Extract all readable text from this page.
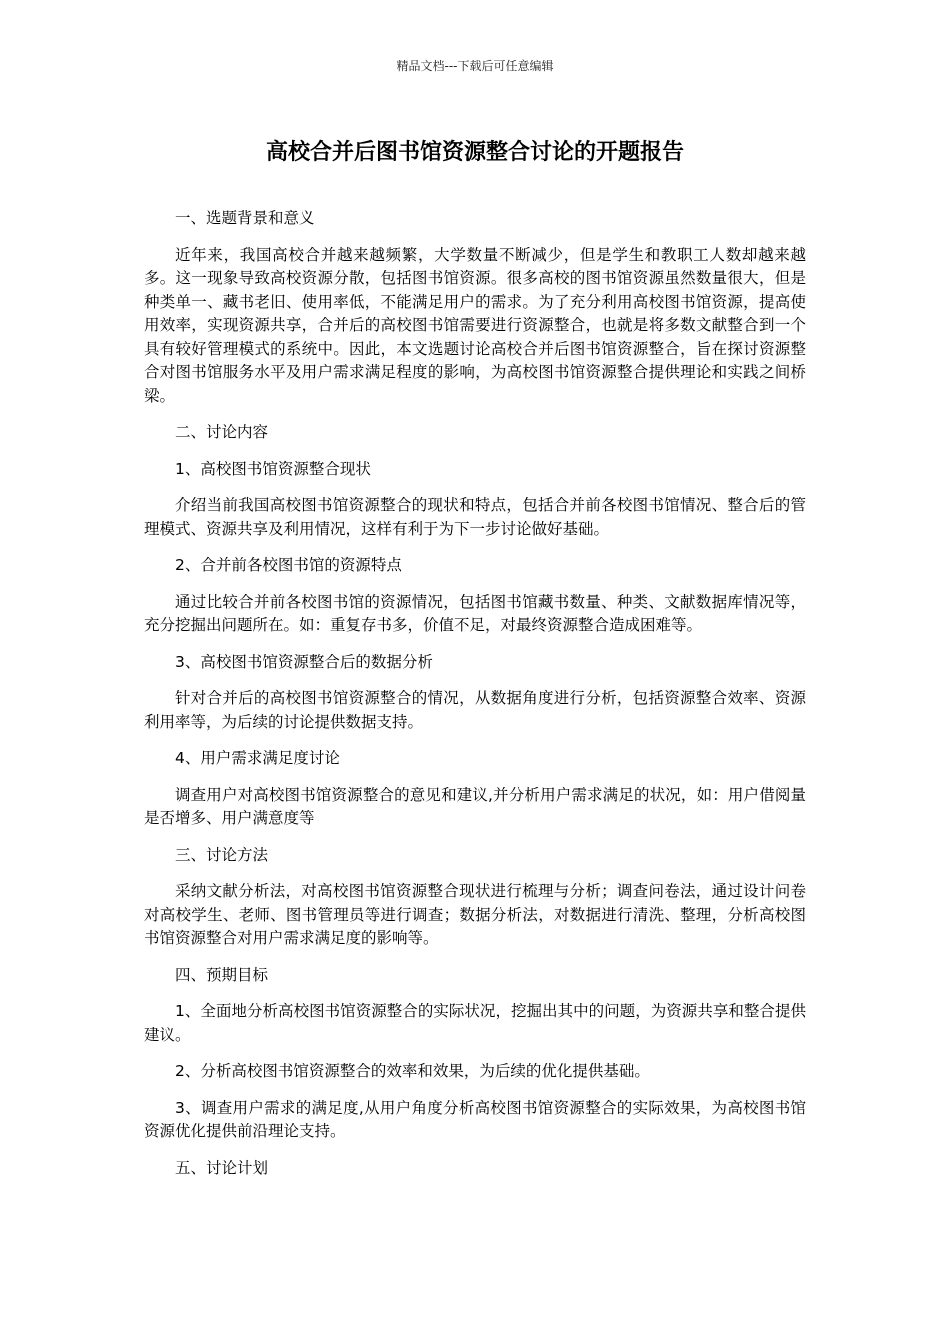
精品文档---下载后可任意编辑
高校合并后图书馆资源整合讨论的开题报告

一、选题背景和意义

近年来，我国高校合并越来越频繁，大学数量不断减少，但是学生和教职工人数却越来越多。这一现象导致高校资源分散，包括图书馆资源。很多高校的图书馆资源虽然数量很大，但是种类单一、藏书老旧、使用率低，不能满足用户的需求。为了充分利用高校图书馆资源，提高使用效率，实现资源共享，合并后的高校图书馆需要进行资源整合，也就是将多数文献整合到一个具有较好管理模式的系统中。因此，本文选题讨论高校合并后图书馆资源整合，旨在探讨资源整合对图书馆服务水平及用户需求满足程度的影响，为高校图书馆资源整合提供理论和实践之间桥梁。

二、讨论内容

1、高校图书馆资源整合现状

介绍当前我国高校图书馆资源整合的现状和特点，包括合并前各校图书馆情况、整合后的管理模式、资源共享及利用情况，这样有利于为下一步讨论做好基础。

2、合并前各校图书馆的资源特点

通过比较合并前各校图书馆的资源情况，包括图书馆藏书数量、种类、文献数据库情况等，充分挖掘出问题所在。如：重复存书多，价值不足，对最终资源整合造成困难等。

3、高校图书馆资源整合后的数据分析

针对合并后的高校图书馆资源整合的情况，从数据角度进行分析，包括资源整合效率、资源利用率等，为后续的讨论提供数据支持。

4、用户需求满足度讨论

调查用户对高校图书馆资源整合的意见和建议,并分析用户需求满足的状况，如：用户借阅量是否增多、用户满意度等

三、讨论方法

采纳文献分析法，对高校图书馆资源整合现状进行梳理与分析；调查问卷法，通过设计问卷对高校学生、老师、图书管理员等进行调查；数据分析法，对数据进行清洗、整理，分析高校图书馆资源整合对用户需求满足度的影响等。

四、预期目标

1、全面地分析高校图书馆资源整合的实际状况，挖掘出其中的问题，为资源共享和整合提供建议。

2、分析高校图书馆资源整合的效率和效果，为后续的优化提供基础。

3、调查用户需求的满足度,从用户角度分析高校图书馆资源整合的实际效果，为高校图书馆资源优化提供前沿理论支持。

五、讨论计划
